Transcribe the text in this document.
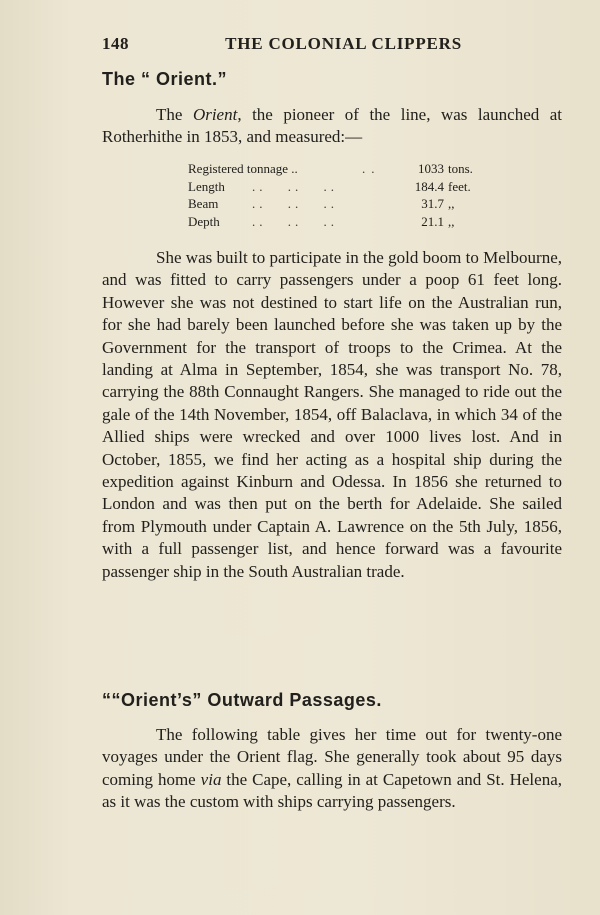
148	THE COLONIAL CLIPPERS
The “ Orient.”

The Orient, the pioneer of the line, was launched at Rotherhithe in 1853, and measured:—

Registered tonnage ..	..	1033 tons.
Length .. .. ..	184.4 feet.
Beam	.. .. ..	31.7 ,,
Depth .. .. ..	21.1 ,,

She was built to participate in the gold boom to Melbourne, and was fitted to carry passengers under a poop 61 feet long. However she was not destined to start life on the Australian run, for she had barely been launched before she was taken up by the Government for the transport of troops to the Crimea. At the landing at Alma in September, 1854, she was transport No. 78, carrying the 88th Connaught Rangers. She managed to ride out the gale of the 14th November, 1854, off Balaclava, in which 34 of the Allied ships were wrecked and over 1000 lives lost. And in October, 1855, we find her acting as a hospital ship during the expedition against Kinburn and Odessa. In 1856 she returned to London and was then put on the berth for Adelaide. She sailed from Plymouth under Captain A. Lawrence on the 5th July, 1856, with a full passenger list, and hence forward was a favourite passenger ship in the South Australian trade.

““Orient’s” Outward Passages.

The following table gives her time out for twenty-one voyages under the Orient flag. She generally took about 95 days coming home via the Cape, calling in at Capetown and St. Helena, as it was the custom with ships carrying passengers.
